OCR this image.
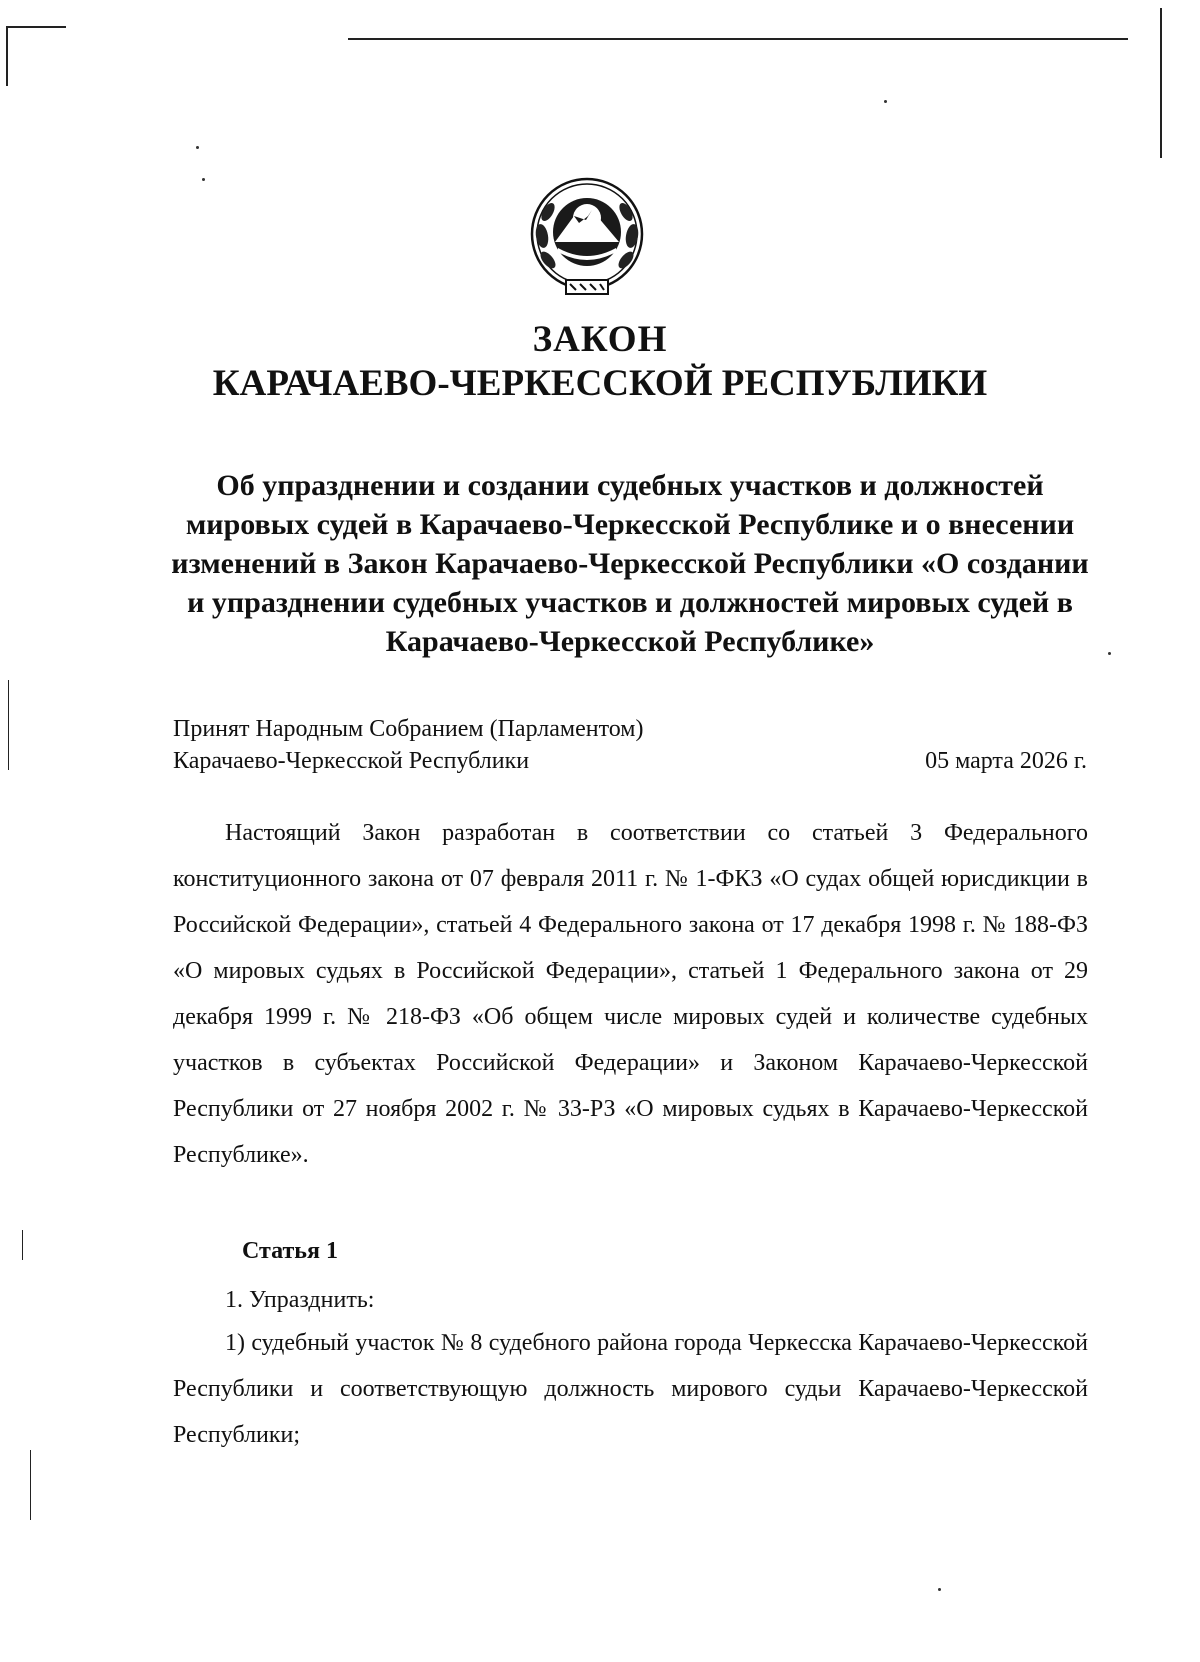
ЗАКОН
КАРАЧАЕВО-ЧЕРКЕССКОЙ РЕСПУБЛИКИ
Об упразднении и создании судебных участков и должностей мировых судей в Карачаево-Черкесской Республике и о внесении изменений в Закон Карачаево-Черкесской Республики «О создании и упразднении судебных участков и должностей мировых судей в Карачаево-Черкесской Республике»
Принят Народным Собранием (Парламентом)
Карачаево-Черкесской Республики	05 марта 2026 г.

Настоящий Закон разработан в соответствии со статьей 3 Федерального конституционного закона от 07 февраля 2011 г. № 1-ФКЗ «О судах общей юрисдикции в Российской Федерации», статьей 4 Федерального закона от 17 декабря 1998 г. № 188-ФЗ «О мировых судьях в Российской Федерации», статьей 1 Федерального закона от 29 декабря 1999 г. № 218-ФЗ «Об общем числе мировых судей и количестве судебных участков в субъектах Российской Федерации» и Законом Карачаево-Черкесской Республики от 27 ноября 2002 г. № 33-РЗ «О мировых судьях в Карачаево-Черкесской Республике».

Статья 1
1. Упразднить:

1) судебный участок № 8 судебного района города Черкесска Карачаево-Черкесской Республики и соответствующую должность мирового судьи Карачаево-Черкесской Республики;
